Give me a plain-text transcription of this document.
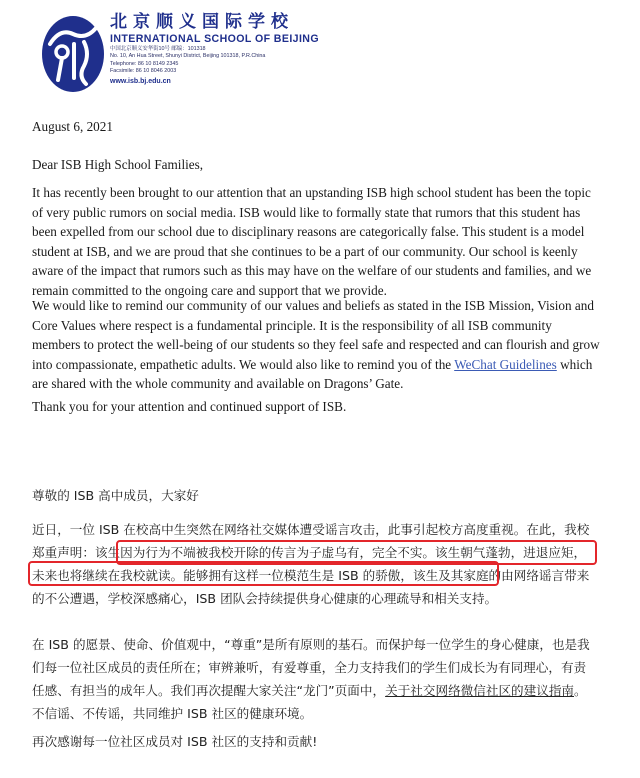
北京顺义国际学校
INTERNATIONAL SCHOOL OF BEIJING
中国北京顺义安华街10号 邮编：101318
No. 10, An Hua Street, Shunyi District, Beijing 101318, P.R.China
Telephone: 86 10 8149 2345
Facsimile: 86 10 8046 2003
www.isb.bj.edu.cn
August 6, 2021
Dear ISB High School Families,

It has recently been brought to our attention that an upstanding ISB high school student has been the topic of very public rumors on social media. ISB would like to formally state that rumors that this student has been expelled from our school due to disciplinary reasons are categorically false. This student is a model student at ISB, and we are proud that she continues to be a part of our community. Our school is keenly aware of the impact that rumors such as this may have on the welfare of our students and families, and we remain committed to the ongoing care and support that we provide.

We would like to remind our community of our values and beliefs as stated in the ISB Mission, Vision and Core Values where respect is a fundamental principle. It is the responsibility of all ISB community members to protect the well-being of our students so they feel safe and respected and can flourish and grow into compassionate, empathetic adults. We would also like to remind you of the WeChat Guidelines which are shared with the whole community and available on Dragons’ Gate.

Thank you for your attention and continued support of ISB.
尊敬的 ISB 高中成员，大家好

近日，一位 ISB 在校高中生突然在网络社交媒体遭受谣言攻击，此事引起校方高度重视。在此，我校郑重声明：该生因为行为不端被我校开除的传言为子虚乌有，完全不实。该生朝气蓬勃，进退应矩，未来也将继续在我校就读。能够拥有这样一位模范生是 ISB 的骄傲，该生及其家庭的由网络谣言带来的不公遭遇，学校深感痛心，ISB 团队会持续提供身心健康的心理疏导和相关支持。

在 ISB 的愿景、使命、价值观中，“尊重”是所有原则的基石。而保护每一位学生的身心健康，也是我们每一位社区成员的责任所在；审辨兼听，有爱尊重，全力支持我们的学生们成长为有同理心，有责任感、有担当的成年人。我们再次提醒大家关注“龙门”页面中，关于社交网络微信社区的建议指南。不信谣、不传谣，共同维护 ISB 社区的健康环境。

再次感谢每一位社区成员对 ISB 社区的支持和贡献!
